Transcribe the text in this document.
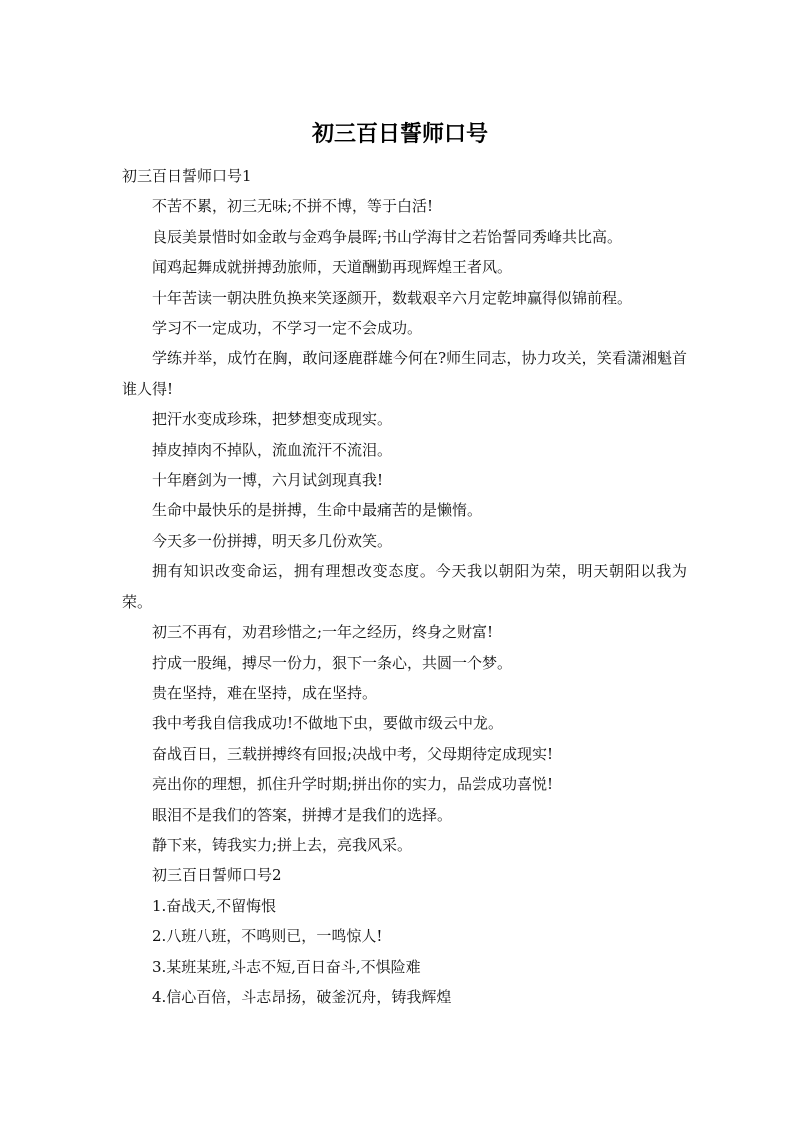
初三百日誓师口号

初三百日誓师口号1

不苦不累，初三无味;不拼不博，等于白活!

良辰美景惜时如金敢与金鸡争晨晖;书山学海甘之若饴誓同秀峰共比高。

闻鸡起舞成就拼搏劲旅师，天道酬勤再现辉煌王者风。

十年苦读一朝决胜负换来笑逐颜开，数载艰辛六月定乾坤赢得似锦前程。

学习不一定成功，不学习一定不会成功。

学练并举，成竹在胸，敢问逐鹿群雄今何在?师生同志，协力攻关，笑看潇湘魁首谁人得!

把汗水变成珍珠，把梦想变成现实。

掉皮掉肉不掉队，流血流汗不流泪。

十年磨剑为一博，六月试剑现真我!

生命中最快乐的是拼搏，生命中最痛苦的是懒惰。

今天多一份拼搏，明天多几份欢笑。

拥有知识改变命运，拥有理想改变态度。今天我以朝阳为荣，明天朝阳以我为荣。

初三不再有，劝君珍惜之;一年之经历，终身之财富!

拧成一股绳，搏尽一份力，狠下一条心，共圆一个梦。

贵在坚持，难在坚持，成在坚持。

我中考我自信我成功!不做地下虫，要做市级云中龙。

奋战百日，三载拼搏终有回报;决战中考，父母期待定成现实!

亮出你的理想，抓住升学时期;拼出你的实力，品尝成功喜悦!

眼泪不是我们的答案，拼搏才是我们的选择。

静下来，铸我实力;拼上去，亮我风采。

初三百日誓师口号2

1.奋战天,不留悔恨

2.八班八班，不鸣则已，一鸣惊人!

3.某班某班,斗志不短,百日奋斗,不惧险难

4.信心百倍，斗志昂扬，破釜沉舟，铸我辉煌
